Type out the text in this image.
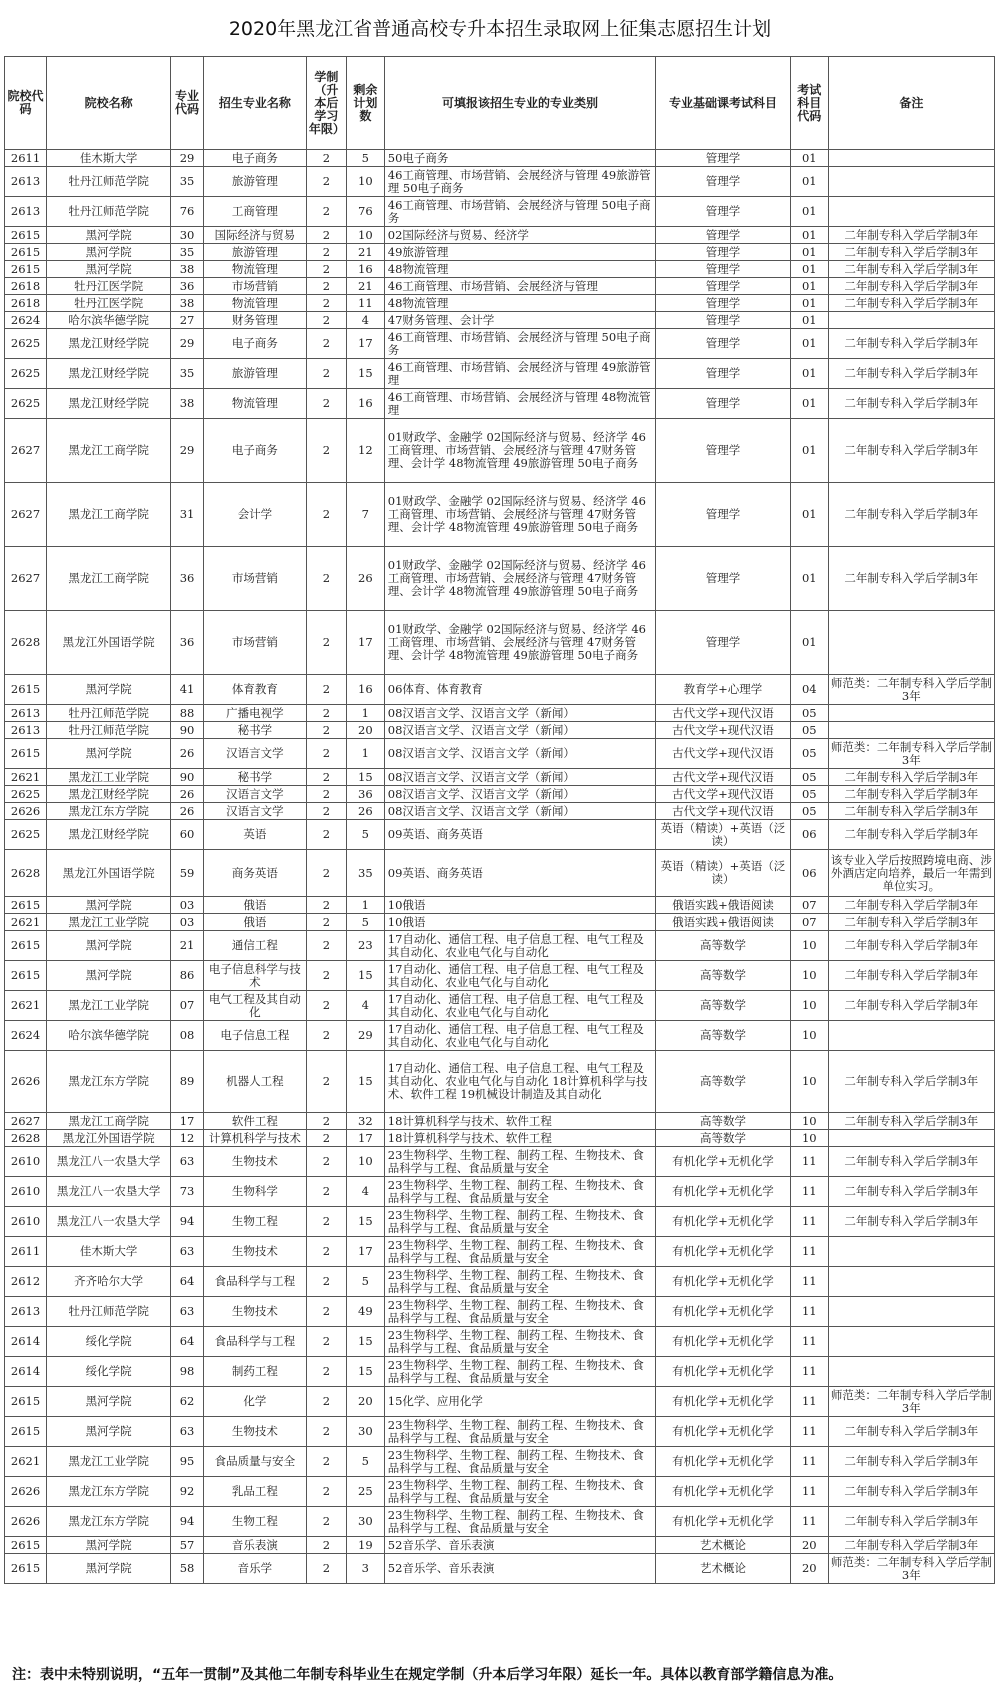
2020年黑龙江省普通高校专升本招生录取网上征集志愿招生计划
院校代码	院校名称	专业代码	招生专业名称	学制（升本后学习年限）	剩余计划数	可填报该招生专业的专业类别	专业基础课考试科目	考试科目代码	备注
2611	佳木斯大学	29	电子商务	2	5	50电子商务	管理学	01	
2613	牡丹江师范学院	35	旅游管理	2	10	46工商管理、市场营销、会展经济与管理 49旅游管理 50电子商务	管理学	01	
2613	牡丹江师范学院	76	工商管理	2	76	46工商管理、市场营销、会展经济与管理 50电子商务	管理学	01	
2615	黑河学院	30	国际经济与贸易	2	10	02国际经济与贸易、经济学	管理学	01	二年制专科入学后学制3年
2615	黑河学院	35	旅游管理	2	21	49旅游管理	管理学	01	二年制专科入学后学制3年
2615	黑河学院	38	物流管理	2	16	48物流管理	管理学	01	二年制专科入学后学制3年
2618	牡丹江医学院	36	市场营销	2	21	46工商管理、市场营销、会展经济与管理	管理学	01	二年制专科入学后学制3年
2618	牡丹江医学院	38	物流管理	2	11	48物流管理	管理学	01	二年制专科入学后学制3年
2624	哈尔滨华德学院	27	财务管理	2	4	47财务管理、会计学	管理学	01	
2625	黑龙江财经学院	29	电子商务	2	17	46工商管理、市场营销、会展经济与管理 50电子商务	管理学	01	二年制专科入学后学制3年
2625	黑龙江财经学院	35	旅游管理	2	15	46工商管理、市场营销、会展经济与管理 49旅游管理	管理学	01	二年制专科入学后学制3年
2625	黑龙江财经学院	38	物流管理	2	16	46工商管理、市场营销、会展经济与管理 48物流管理	管理学	01	二年制专科入学后学制3年
2627	黑龙江工商学院	29	电子商务	2	12	01财政学、金融学 02国际经济与贸易、经济学 46工商管理、市场营销、会展经济与管理 47财务管理、会计学 48物流管理 49旅游管理 50电子商务	管理学	01	二年制专科入学后学制3年
2627	黑龙江工商学院	31	会计学	2	7	01财政学、金融学 02国际经济与贸易、经济学 46工商管理、市场营销、会展经济与管理 47财务管理、会计学 48物流管理 49旅游管理 50电子商务	管理学	01	二年制专科入学后学制3年
2627	黑龙江工商学院	36	市场营销	2	26	01财政学、金融学 02国际经济与贸易、经济学 46工商管理、市场营销、会展经济与管理 47财务管理、会计学 48物流管理 49旅游管理 50电子商务	管理学	01	二年制专科入学后学制3年
2628	黑龙江外国语学院	36	市场营销	2	17	01财政学、金融学 02国际经济与贸易、经济学 46工商管理、市场营销、会展经济与管理 47财务管理、会计学 48物流管理 49旅游管理 50电子商务	管理学	01	
2615	黑河学院	41	体育教育	2	16	06体育、体育教育	教育学+心理学	04	师范类：二年制专科入学后学制3年
2613	牡丹江师范学院	88	广播电视学	2	1	08汉语言文学、汉语言文学（新闻）	古代文学+现代汉语	05	
2613	牡丹江师范学院	90	秘书学	2	20	08汉语言文学、汉语言文学（新闻）	古代文学+现代汉语	05	
2615	黑河学院	26	汉语言文学	2	1	08汉语言文学、汉语言文学（新闻）	古代文学+现代汉语	05	师范类：二年制专科入学后学制3年
2621	黑龙江工业学院	90	秘书学	2	15	08汉语言文学、汉语言文学（新闻）	古代文学+现代汉语	05	二年制专科入学后学制3年
2625	黑龙江财经学院	26	汉语言文学	2	36	08汉语言文学、汉语言文学（新闻）	古代文学+现代汉语	05	二年制专科入学后学制3年
2626	黑龙江东方学院	26	汉语言文学	2	26	08汉语言文学、汉语言文学（新闻）	古代文学+现代汉语	05	二年制专科入学后学制3年
2625	黑龙江财经学院	60	英语	2	5	09英语、商务英语	英语（精读）+英语（泛读）	06	二年制专科入学后学制3年
2628	黑龙江外国语学院	59	商务英语	2	35	09英语、商务英语	英语（精读）+英语（泛读）	06	该专业入学后按照跨境电商、涉外酒店定向培养，最后一年需到单位实习。
2615	黑河学院	03	俄语	2	1	10俄语	俄语实践+俄语阅读	07	二年制专科入学后学制3年
2621	黑龙江工业学院	03	俄语	2	5	10俄语	俄语实践+俄语阅读	07	二年制专科入学后学制3年
2615	黑河学院	21	通信工程	2	23	17自动化、通信工程、电子信息工程、电气工程及其自动化、农业电气化与自动化	高等数学	10	二年制专科入学后学制3年
2615	黑河学院	86	电子信息科学与技术	2	15	17自动化、通信工程、电子信息工程、电气工程及其自动化、农业电气化与自动化	高等数学	10	二年制专科入学后学制3年
2621	黑龙江工业学院	07	电气工程及其自动化	2	4	17自动化、通信工程、电子信息工程、电气工程及其自动化、农业电气化与自动化	高等数学	10	二年制专科入学后学制3年
2624	哈尔滨华德学院	08	电子信息工程	2	29	17自动化、通信工程、电子信息工程、电气工程及其自动化、农业电气化与自动化	高等数学	10	
2626	黑龙江东方学院	89	机器人工程	2	15	17自动化、通信工程、电子信息工程、电气工程及其自动化、农业电气化与自动化 18计算机科学与技术、软件工程 19机械设计制造及其自动化	高等数学	10	二年制专科入学后学制3年
2627	黑龙江工商学院	17	软件工程	2	32	18计算机科学与技术、软件工程	高等数学	10	二年制专科入学后学制3年
2628	黑龙江外国语学院	12	计算机科学与技术	2	17	18计算机科学与技术、软件工程	高等数学	10	
2610	黑龙江八一农垦大学	63	生物技术	2	10	23生物科学、生物工程、制药工程、生物技术、食品科学与工程、食品质量与安全	有机化学+无机化学	11	二年制专科入学后学制3年
2610	黑龙江八一农垦大学	73	生物科学	2	4	23生物科学、生物工程、制药工程、生物技术、食品科学与工程、食品质量与安全	有机化学+无机化学	11	二年制专科入学后学制3年
2610	黑龙江八一农垦大学	94	生物工程	2	15	23生物科学、生物工程、制药工程、生物技术、食品科学与工程、食品质量与安全	有机化学+无机化学	11	二年制专科入学后学制3年
2611	佳木斯大学	63	生物技术	2	17	23生物科学、生物工程、制药工程、生物技术、食品科学与工程、食品质量与安全	有机化学+无机化学	11	
2612	齐齐哈尔大学	64	食品科学与工程	2	5	23生物科学、生物工程、制药工程、生物技术、食品科学与工程、食品质量与安全	有机化学+无机化学	11	
2613	牡丹江师范学院	63	生物技术	2	49	23生物科学、生物工程、制药工程、生物技术、食品科学与工程、食品质量与安全	有机化学+无机化学	11	
2614	绥化学院	64	食品科学与工程	2	15	23生物科学、生物工程、制药工程、生物技术、食品科学与工程、食品质量与安全	有机化学+无机化学	11	
2614	绥化学院	98	制药工程	2	15	23生物科学、生物工程、制药工程、生物技术、食品科学与工程、食品质量与安全	有机化学+无机化学	11	
2615	黑河学院	62	化学	2	20	15化学、应用化学	有机化学+无机化学	11	师范类：二年制专科入学后学制3年
2615	黑河学院	63	生物技术	2	30	23生物科学、生物工程、制药工程、生物技术、食品科学与工程、食品质量与安全	有机化学+无机化学	11	二年制专科入学后学制3年
2621	黑龙江工业学院	95	食品质量与安全	2	5	23生物科学、生物工程、制药工程、生物技术、食品科学与工程、食品质量与安全	有机化学+无机化学	11	二年制专科入学后学制3年
2626	黑龙江东方学院	92	乳品工程	2	25	23生物科学、生物工程、制药工程、生物技术、食品科学与工程、食品质量与安全	有机化学+无机化学	11	二年制专科入学后学制3年
2626	黑龙江东方学院	94	生物工程	2	30	23生物科学、生物工程、制药工程、生物技术、食品科学与工程、食品质量与安全	有机化学+无机化学	11	二年制专科入学后学制3年
2615	黑河学院	57	音乐表演	2	19	52音乐学、音乐表演	艺术概论	20	二年制专科入学后学制3年
2615	黑河学院	58	音乐学	2	3	52音乐学、音乐表演	艺术概论	20	师范类：二年制专科入学后学制3年
注：表中未特别说明，“五年一贯制”及其他二年制专科毕业生在规定学制（升本后学习年限）延长一年。具体以教育部学籍信息为准。
